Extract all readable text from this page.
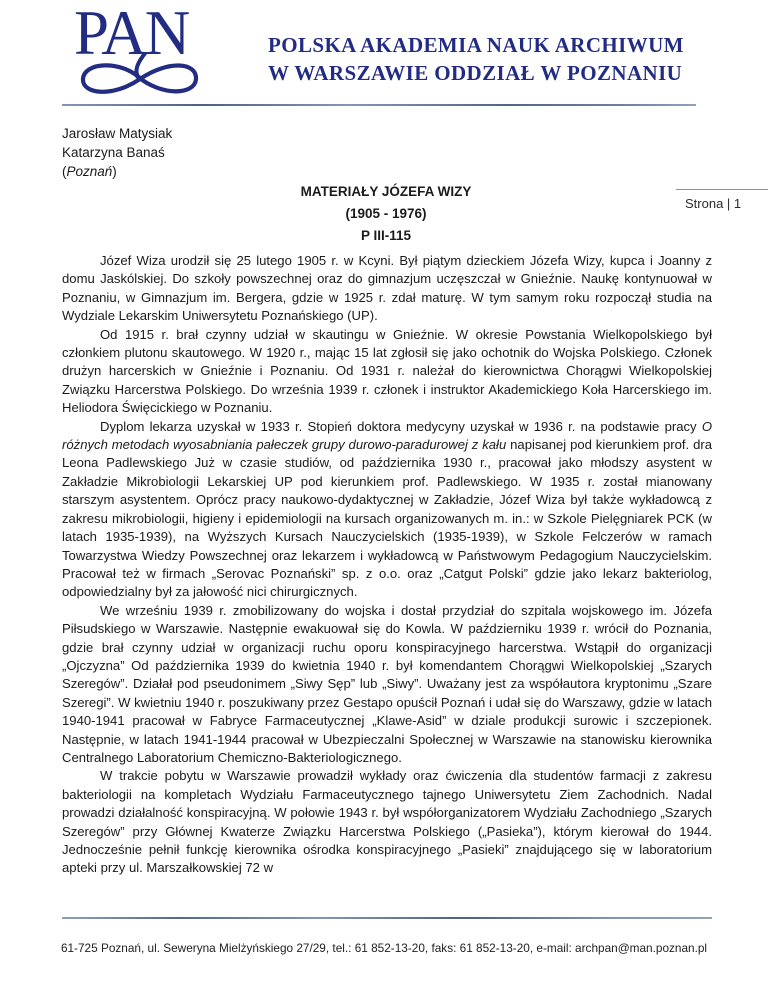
PAN	POLSKA AKADEMIA NAUK ARCHIWUM
W WARSZAWIE ODDZIAŁ W POZNANIU
Jarosław Matysiak
Katarzyna Banaś
(Poznań)
MATERIAŁY JÓZEFA WIZY
(1905 - 1976)
P III-115
Strona | 1

Józef Wiza urodził się 25 lutego 1905 r. w Kcyni. Był piątym dzieckiem Józefa Wizy, kupca i Joanny z domu Jaskólskiej. Do szkoły powszechnej oraz do gimnazjum uczęszczał w Gnieźnie. Naukę kontynuował w Poznaniu, w Gimnazjum im. Bergera, gdzie w 1925 r. zdał maturę. W tym samym roku rozpoczął studia na Wydziale Lekarskim Uniwersytetu Poznańskiego (UP).

Od 1915 r. brał czynny udział w skautingu w Gnieźnie. W okresie Powstania Wielkopolskiego był członkiem plutonu skautowego. W 1920 r., mając 15 lat zgłosił się jako ochotnik do Wojska Polskiego. Członek drużyn harcerskich w Gnieźnie i Poznaniu. Od 1931 r. należał do kierownictwa Chorągwi Wielkopolskiej Związku Harcerstwa Polskiego. Do września 1939 r. członek i instruktor Akademickiego Koła Harcerskiego im. Heliodora Święcickiego w Poznaniu.

Dyplom lekarza uzyskał w 1933 r. Stopień doktora medycyny uzyskał w 1936 r. na podstawie pracy O różnych metodach wyosabniania pałeczek grupy durowo-paradurowej z kału napisanej pod kierunkiem prof. dra Leona Padlewskiego Już w czasie studiów, od października 1930 r., pracował jako młodszy asystent w Zakładzie Mikrobiologii Lekarskiej UP pod kierunkiem prof. Padlewskiego. W 1935 r. został mianowany starszym asystentem. Oprócz pracy naukowo-dydaktycznej w Zakładzie, Józef Wiza był także wykładowcą z zakresu mikrobiologii, higieny i epidemiologii na kursach organizowanych m. in.: w Szkole Pielęgniarek PCK (w latach 1935-1939), na Wyższych Kursach Nauczycielskich (1935-1939), w Szkole Felczerów w ramach Towarzystwa Wiedzy Powszechnej oraz lekarzem i wykładowcą w Państwowym Pedagogium Nauczycielskim. Pracował też w firmach „Serovac Poznański” sp. z o.o. oraz „Catgut Polski” gdzie jako lekarz bakteriolog, odpowiedzialny był za jałowość nici chirurgicznych.

We wrześniu 1939 r. zmobilizowany do wojska i dostał przydział do szpitala wojskowego im. Józefa Piłsudskiego w Warszawie. Następnie ewakuował się do Kowla. W październiku 1939 r. wrócił do Poznania, gdzie brał czynny udział w organizacji ruchu oporu konspiracyjnego harcerstwa. Wstąpił do organizacji „Ojczyzna” Od października 1939 do kwietnia 1940 r. był komendantem Chorągwi Wielkopolskiej „Szarych Szeregów”. Działał pod pseudonimem „Siwy Sęp” lub „Siwy”. Uważany jest za współautora kryptonimu „Szare Szeregi”. W kwietniu 1940 r. poszukiwany przez Gestapo opuścił Poznań i udał się do Warszawy, gdzie w latach 1940-1941 pracował w Fabryce Farmaceutycznej „Klawe-Asid” w dziale produkcji surowic i szczepionek. Następnie, w latach 1941-1944 pracował w Ubezpieczalni Społecznej w Warszawie na stanowisku kierownika Centralnego Laboratorium Chemiczno-Bakteriologicznego.

W trakcie pobytu w Warszawie prowadził wykłady oraz ćwiczenia dla studentów farmacji z zakresu bakteriologii na kompletach Wydziału Farmaceutycznego tajnego Uniwersytetu Ziem Zachodnich. Nadal prowadzi działalność konspiracyjną. W połowie 1943 r. był współorganizatorem Wydziału Zachodniego „Szarych Szeregów” przy Głównej Kwaterze Związku Harcerstwa Polskiego („Pasieka”), którym kierował do 1944. Jednocześnie pełnił funkcję kierownika ośrodka konspiracyjnego „Pasieki” znajdującego się w laboratorium apteki przy ul. Marszałkowskiej 72 w

61-725 Poznań, ul. Seweryna Mielżyńskiego 27/29, tel.: 61 852-13-20, faks: 61 852-13-20, e-mail: archpan@man.poznan.pl
